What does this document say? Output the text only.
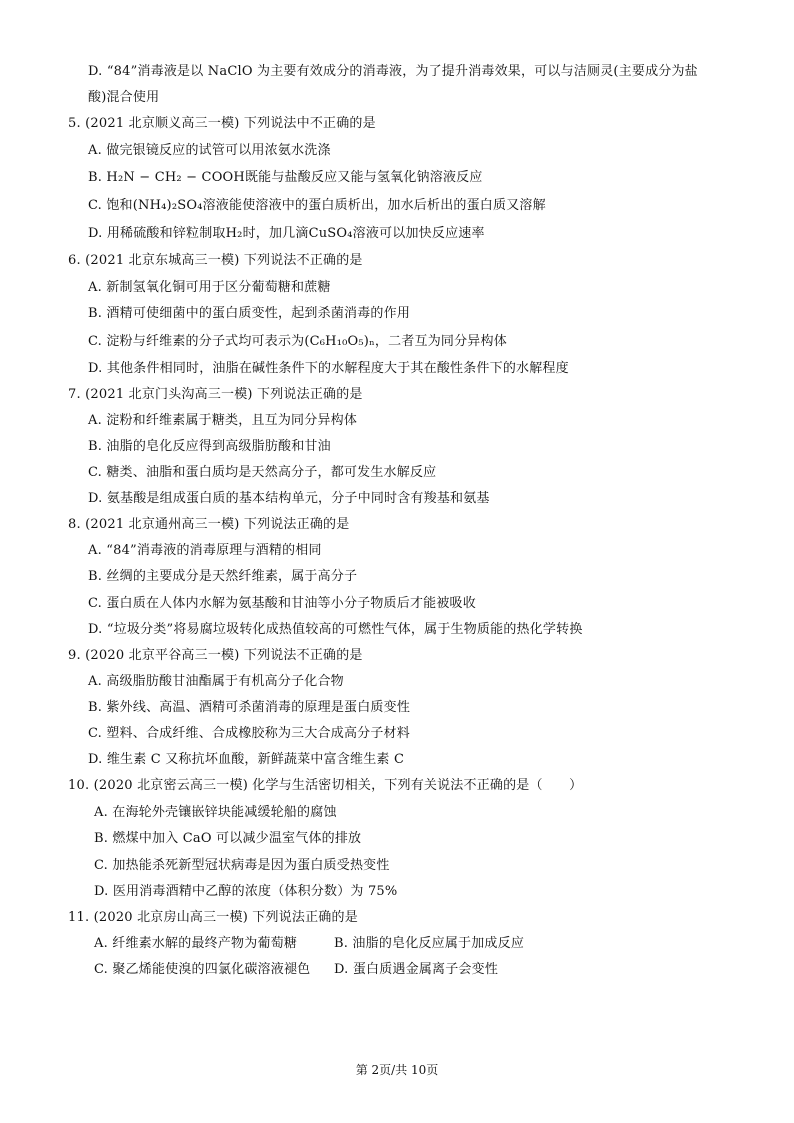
D. “84”消毒液是以 NaClO 为主要有效成分的消毒液，为了提升消毒效果，可以与洁厕灵(主要成分为盐
酸)混合使用
5. (2021 北京顺义高三一模) 下列说法中不正确的是
A. 做完银镜反应的试管可以用浓氨水洗涤
B. H₂N − CH₂ − COOH既能与盐酸反应又能与氢氧化钠溶液反应
C. 饱和(NH₄)₂SO₄溶液能使溶液中的蛋白质析出，加水后析出的蛋白质又溶解
D. 用稀硫酸和锌粒制取H₂时，加几滴CuSO₄溶液可以加快反应速率
6. (2021 北京东城高三一模) 下列说法不正确的是
A. 新制氢氧化铜可用于区分葡萄糖和蔗糖
B. 酒精可使细菌中的蛋白质变性，起到杀菌消毒的作用
C. 淀粉与纤维素的分子式均可表示为(C₆H₁₀O₅)ₙ，二者互为同分异构体
D. 其他条件相同时，油脂在碱性条件下的水解程度大于其在酸性条件下的水解程度
7. (2021 北京门头沟高三一模) 下列说法正确的是
A. 淀粉和纤维素属于糖类，且互为同分异构体
B. 油脂的皂化反应得到高级脂肪酸和甘油
C. 糖类、油脂和蛋白质均是天然高分子，都可发生水解反应
D. 氨基酸是组成蛋白质的基本结构单元，分子中同时含有羧基和氨基
8. (2021 北京通州高三一模) 下列说法正确的是
A. “84”消毒液的消毒原理与酒精的相同
B. 丝绸的主要成分是天然纤维素，属于高分子
C. 蛋白质在人体内水解为氨基酸和甘油等小分子物质后才能被吸收
D. “垃圾分类”将易腐垃圾转化成热值较高的可燃性气体，属于生物质能的热化学转换
9. (2020 北京平谷高三一模) 下列说法不正确的是
A. 高级脂肪酸甘油酯属于有机高分子化合物
B. 紫外线、高温、酒精可杀菌消毒的原理是蛋白质变性
C. 塑料、合成纤维、合成橡胶称为三大合成高分子材料
D. 维生素 C 又称抗坏血酸，新鲜蔬菜中富含维生素 C
10. (2020 北京密云高三一模) 化学与生活密切相关，下列有关说法不正确的是（　　）
A. 在海轮外壳镶嵌锌块能减缓轮船的腐蚀
B. 燃煤中加入 CaO 可以减少温室气体的排放
C. 加热能杀死新型冠状病毒是因为蛋白质受热变性
D. 医用消毒酒精中乙醇的浓度（体积分数）为 75%
11. (2020 北京房山高三一模) 下列说法正确的是
A. 纤维素水解的最终产物为葡萄糖	B. 油脂的皂化反应属于加成反应
C. 聚乙烯能使溴的四氯化碳溶液褪色 D. 蛋白质遇金属离子会变性
第 2页/共 10页
